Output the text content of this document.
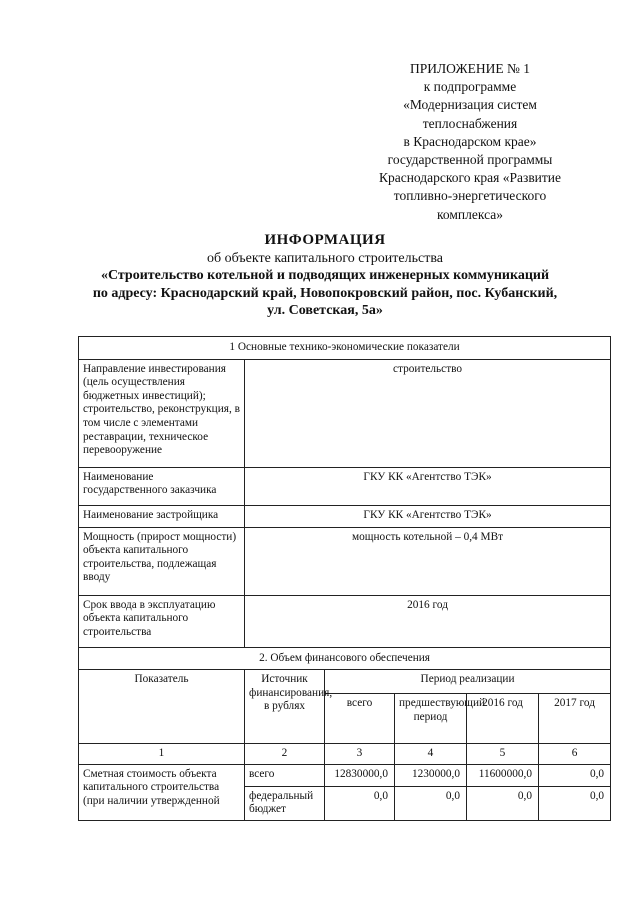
ПРИЛОЖЕНИЕ № 1
к подпрограмме
«Модернизация систем
теплоснабжения
в Краснодарском крае»
государственной программы
Краснодарского края «Развитие
топливно-энергетического
комплекса»
ИНФОРМАЦИЯ
об объекте капитального строительства
«Строительство котельной и подводящих инженерных коммуникаций
по адресу: Краснодарский край, Новопокровский район, пос. Кубанский,
ул. Советская, 5а»
1 Основные технико-экономические показатели					
Направление инвестирования (цель осуществления бюджетных инвестиций); строительство, реконструкция, в том числе с элементами реставрации, техническое перевооружение	строительство				
Наименование государственного заказчика	ГКУ КК «Агентство ТЭК»				
Наименование застройщика	ГКУ КК «Агентство ТЭК»				
Мощность (прирост мощности) объекта капитального строительства, подлежащая вводу	мощность котельной – 0,4 МВт				
Срок ввода в эксплуатацию объекта капитального строительства	2016 год				
2. Объем финансового обеспечения					
Показатель	Источник финансирования, в рублях	Период реализации			
		всего	предшествующий период	2016 год	2017 год
1	2	3	4	5	6
Сметная стоимость объекта капитального строительства (при наличии утвержденной	всего	12830000,0	1230000,0	11600000,0	0,0
	федеральный бюджет	0,0	0,0	0,0	0,0
